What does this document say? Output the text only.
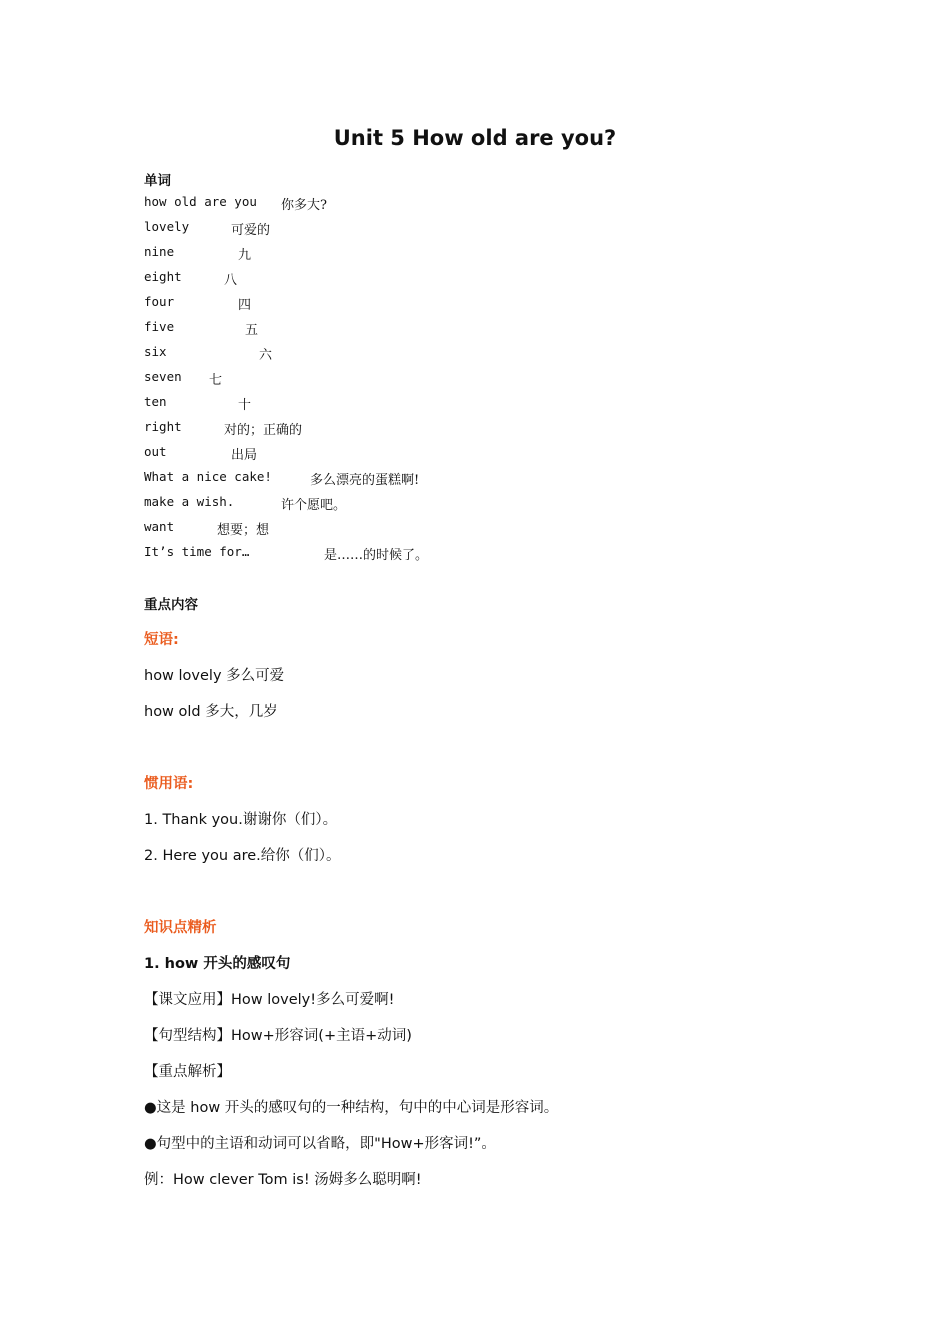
Unit 5 How old are you?
单词
how old are you 你多大?
lovely	可爱的
nine	九
eight	八
four	四
five	五
six	六
seven 七
ten	十
right	对的；正确的
out	出局
What a nice cake!	多么漂亮的蛋糕啊!
make a wish.	许个愿吧。
want	想要；想
It’s time for…	是……的时候了。
重点内容
短语:
how lovely 多么可爱
how old 多大，几岁
惯用语:
1. Thank you.谢谢你（们）。
2. Here you are.给你（们）。
知识点精析
1. how 开头的感叹句
【课文应用】How lovely!多么可爱啊!
【句型结构】How+形容词(+主语+动词)
【重点解析】
●这是 how 开头的感叹句的一种结构，句中的中心词是形容词。
●句型中的主语和动词可以省略，即"How+形客词!”。
例：How clever Tom is! 汤姆多么聪明啊!
